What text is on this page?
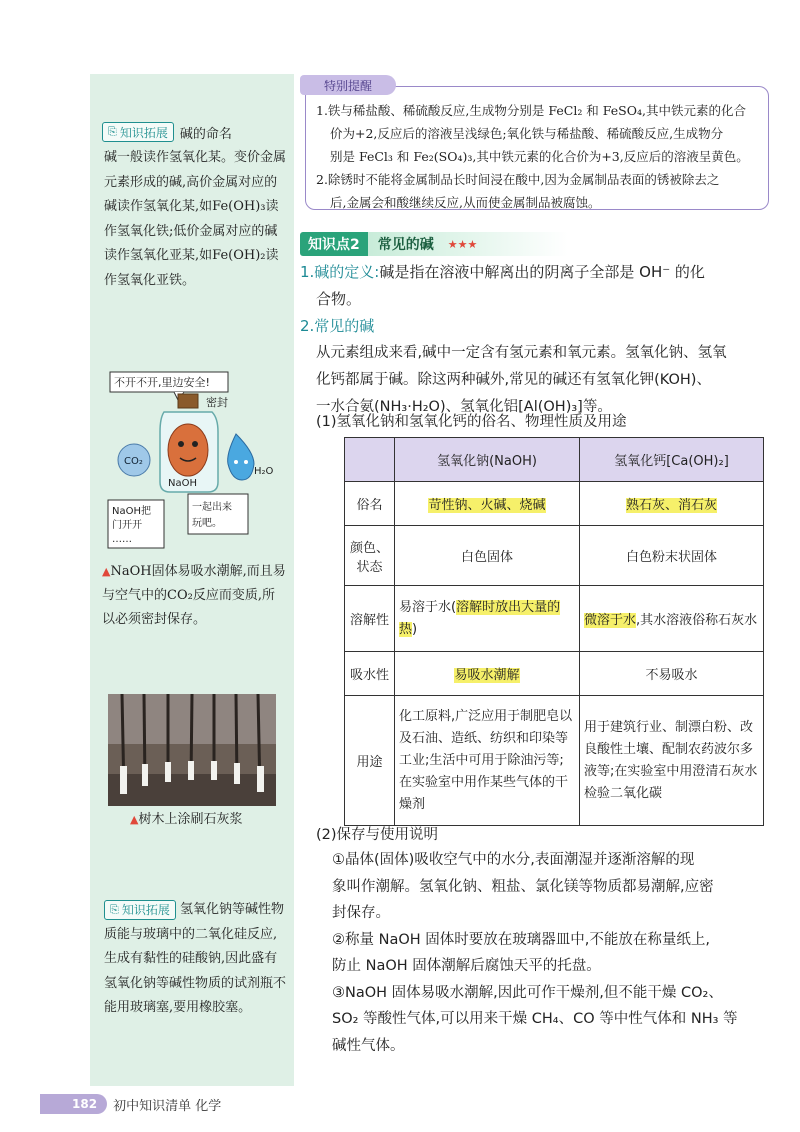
⎘ 知识拓展 碱的命名
碱一般读作氢氧化某。变价金属元素形成的碱,高价金属对应的碱读作氢氧化某,如Fe(OH)₃读作氢氧化铁;低价金属对应的碱读作氢氧化亚某,如Fe(OH)₂读作氢氧化亚铁。
不开不开,里边安全!
密封
NaOH
CO₂
H₂O
NaOH把
门开开
……
一起出来
玩吧。
▲NaOH固体易吸水潮解,而且易与空气中的CO₂反应而变质,所以必须密封保存。
▲树木上涂刷石灰浆
⎘ 知识拓展 氢氧化钠等碱性物质能与玻璃中的二氧化硅反应,生成有黏性的硅酸钠,因此盛有氢氧化钠等碱性物质的试剂瓶不能用玻璃塞,要用橡胶塞。
182	初中知识清单 化学
1.铁与稀盐酸、稀硫酸反应,生成物分别是 FeCl₂ 和 FeSO₄,其中铁元素的化合
价为+2,反应后的溶液呈浅绿色;氧化铁与稀盐酸、稀硫酸反应,生成物分
别是 FeCl₃ 和 Fe₂(SO₄)₃,其中铁元素的化合价为+3,反应后的溶液呈黄色。
2.除锈时不能将金属制品长时间浸在酸中,因为金属制品表面的锈被除去之
后,金属会和酸继续反应,从而使金属制品被腐蚀。
特别提醒
知识点2	常见的碱	★★★
1.碱的定义:碱是指在溶液中解离出的阴离子全部是 OH⁻ 的化
合物。
2.常见的碱
从元素组成来看,碱中一定含有氢元素和氧元素。氢氧化钠、氢氧
化钙都属于碱。除这两种碱外,常见的碱还有氢氧化钾(KOH)、
一水合氨(NH₃·H₂O)、氢氧化铝[Al(OH)₃]等。
(1)氢氧化钠和氢氧化钙的俗名、物理性质及用途
	氢氧化钠(NaOH)	氢氧化钙[Ca(OH)₂]
俗名	苛性钠、火碱、烧碱	熟石灰、消石灰
颜色、状态	白色固体	白色粉末状固体
溶解性	易溶于水(溶解时放出大量的热)	微溶于水,其水溶液俗称石灰水
吸水性	易吸水潮解	不易吸水
用途	化工原料,广泛应用于制肥皂以及石油、造纸、纺织和印染等工业;生活中可用于除油污等;在实验室中用作某些气体的干燥剂	用于建筑行业、制漂白粉、改良酸性土壤、配制农药波尔多液等;在实验室中用澄清石灰水检验二氧化碳
(2)保存与使用说明
①晶体(固体)吸收空气中的水分,表面潮湿并逐渐溶解的现
象叫作潮解。氢氧化钠、粗盐、氯化镁等物质都易潮解,应密
封保存。
②称量 NaOH 固体时要放在玻璃器皿中,不能放在称量纸上,
防止 NaOH 固体潮解后腐蚀天平的托盘。
③NaOH 固体易吸水潮解,因此可作干燥剂,但不能干燥 CO₂、
SO₂ 等酸性气体,可以用来干燥 CH₄、CO 等中性气体和 NH₃ 等
碱性气体。
